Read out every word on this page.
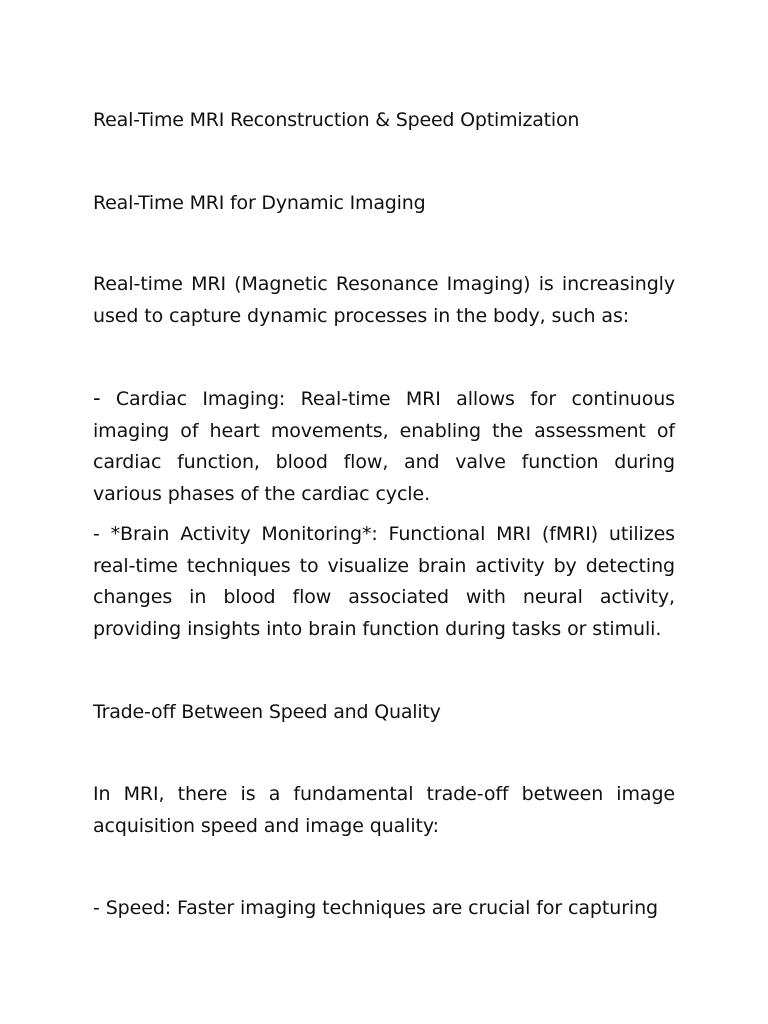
Real-Time MRI Reconstruction & Speed Optimization
Real-Time MRI for Dynamic Imaging
Real-time MRI (Magnetic Resonance Imaging) is increasingly used to capture dynamic processes in the body, such as:
- Cardiac Imaging: Real-time MRI allows for continuous imaging of heart movements, enabling the assessment of cardiac function, blood flow, and valve function during various phases of the cardiac cycle.
- *Brain Activity Monitoring*: Functional MRI (fMRI) utilizes real-time techniques to visualize brain activity by detecting changes in blood flow associated with neural activity, providing insights into brain function during tasks or stimuli.
Trade-off Between Speed and Quality
In MRI, there is a fundamental trade-off between image acquisition speed and image quality:
- Speed: Faster imaging techniques are crucial for capturing
